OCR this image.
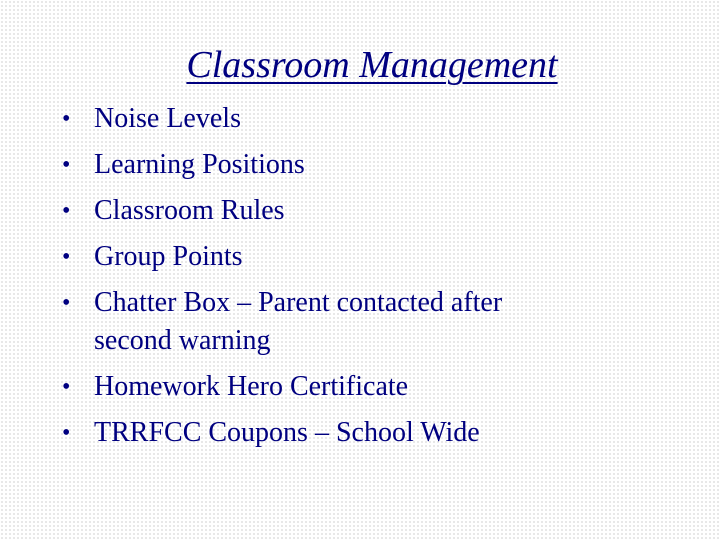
Classroom Management
• Noise Levels
• Learning Positions
• Classroom Rules
• Group Points
• Chatter Box – Parent contacted after second warning
• Homework Hero Certificate
• TRRFCC Coupons – School Wide
